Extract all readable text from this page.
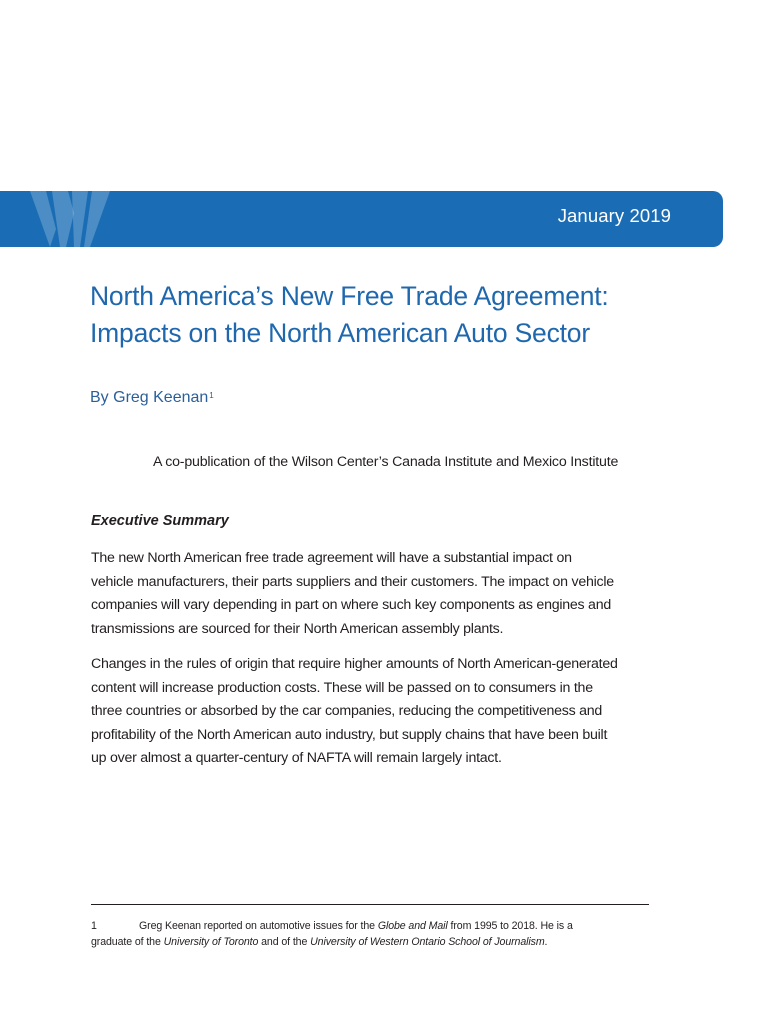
January 2019
North America’s New Free Trade Agreement:
Impacts on the North American Auto Sector
By Greg Keenan$^1$
A co-publication of the Wilson Center’s Canada Institute and Mexico Institute
Executive Summary

The new North American free trade agreement will have a substantial impact on
vehicle manufacturers, their parts suppliers and their customers. The impact on vehicle
companies will vary depending in part on where such key components as engines and
transmissions are sourced for their North American assembly plants.

Changes in the rules of origin that require higher amounts of North American-generated
content will increase production costs. These will be passed on to consumers in the
three countries or absorbed by the car companies, reducing the competitiveness and
profitability of the North American auto industry, but supply chains that have been built
up over almost a quarter-century of NAFTA will remain largely intact.

1	Greg Keenan reported on automotive issues for the Globe and Mail from 1995 to 2018. He is a
graduate of the University of Toronto and of the University of Western Ontario School of Journalism.
